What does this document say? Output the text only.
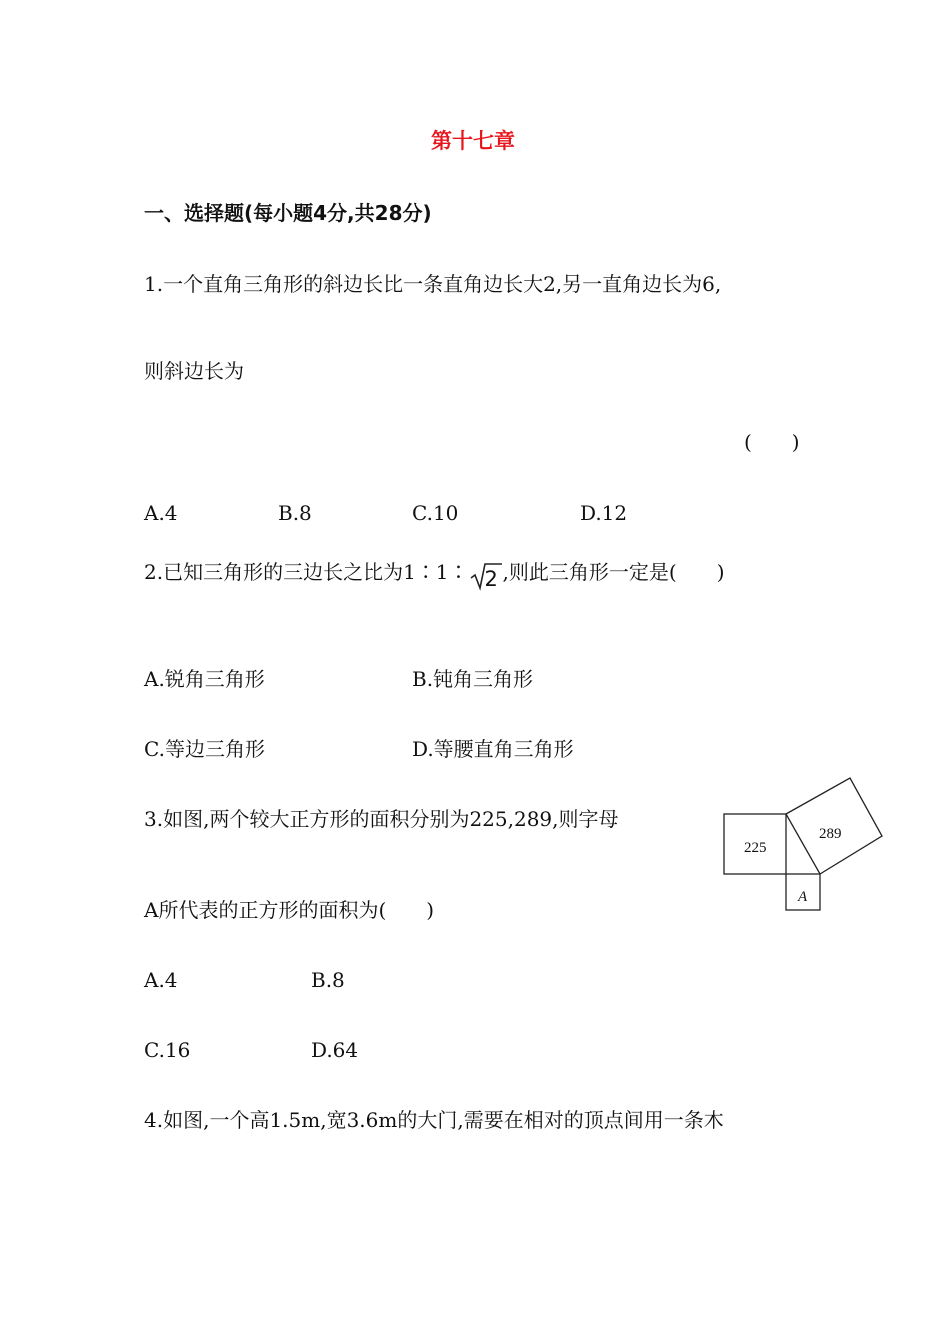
第十七章
一、选择题(每小题4分,共28分)
1.一个直角三角形的斜边长比一条直角边长大2,另一直角边长为6,
则斜边长为
(　　)
A.4	B.8	C.10	D.12
2.已知三角形的三边长之比为1∶1∶ 2 ,则此三角形一定是(　　)
A.锐角三角形	B.钝角三角形
C.等边三角形	D.等腰直角三角形
3.如图,两个较大正方形的面积分别为225,289,则字母
A所代表的正方形的面积为(　　)
225
289
A
A.4	B.8
C.16	D.64
4.如图,一个高1.5m,宽3.6m的大门,需要在相对的顶点间用一条木
